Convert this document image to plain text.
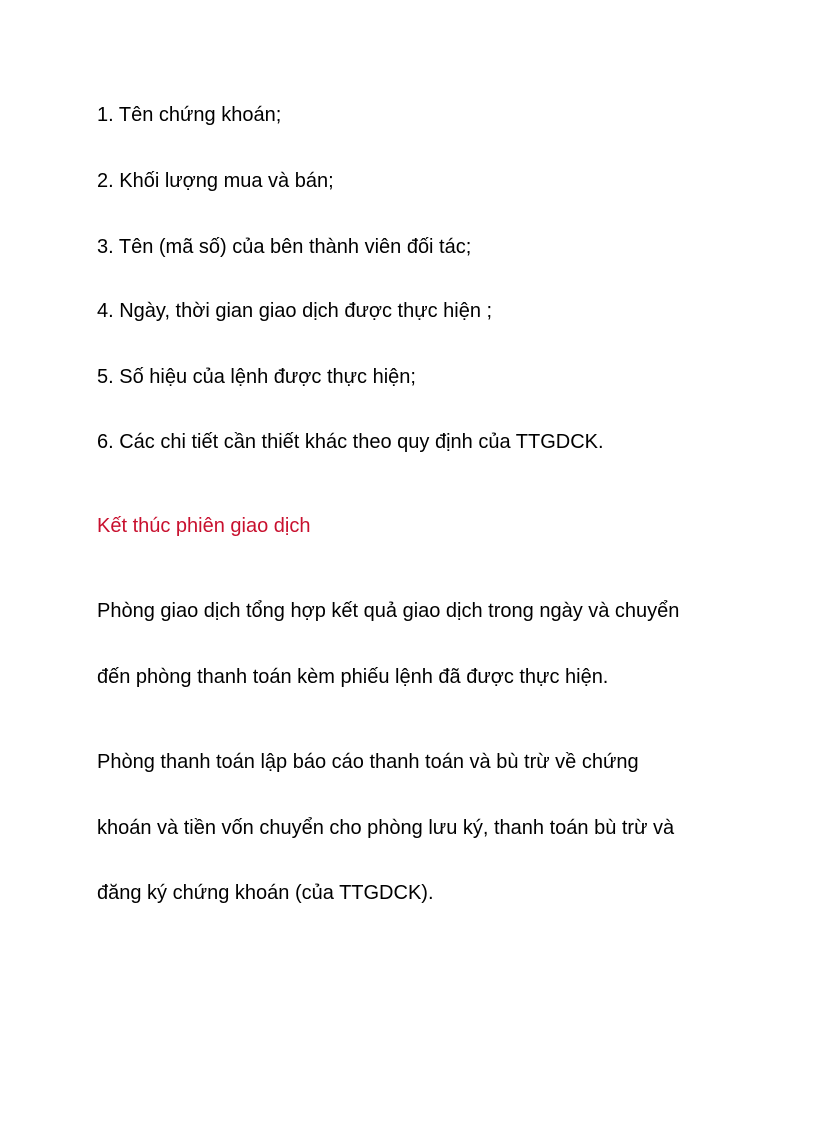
1. Tên chứng khoán;
2. Khối lượng mua và bán;
3. Tên (mã số) của bên thành viên đối tác;
4. Ngày, thời gian giao dịch được thực hiện ;
5. Số hiệu của lệnh được thực hiện;
6. Các chi tiết cần thiết khác theo quy định của TTGDCK.
Kết thúc phiên giao dịch
Phòng giao dịch tổng hợp kết quả giao dịch trong ngày và chuyển
đến phòng thanh toán kèm phiếu lệnh đã được thực hiện.
Phòng thanh toán lập báo cáo thanh toán và bù trừ về chứng
khoán và tiền vốn chuyển cho phòng lưu ký, thanh toán bù trừ và
đăng ký chứng khoán (của TTGDCK).
